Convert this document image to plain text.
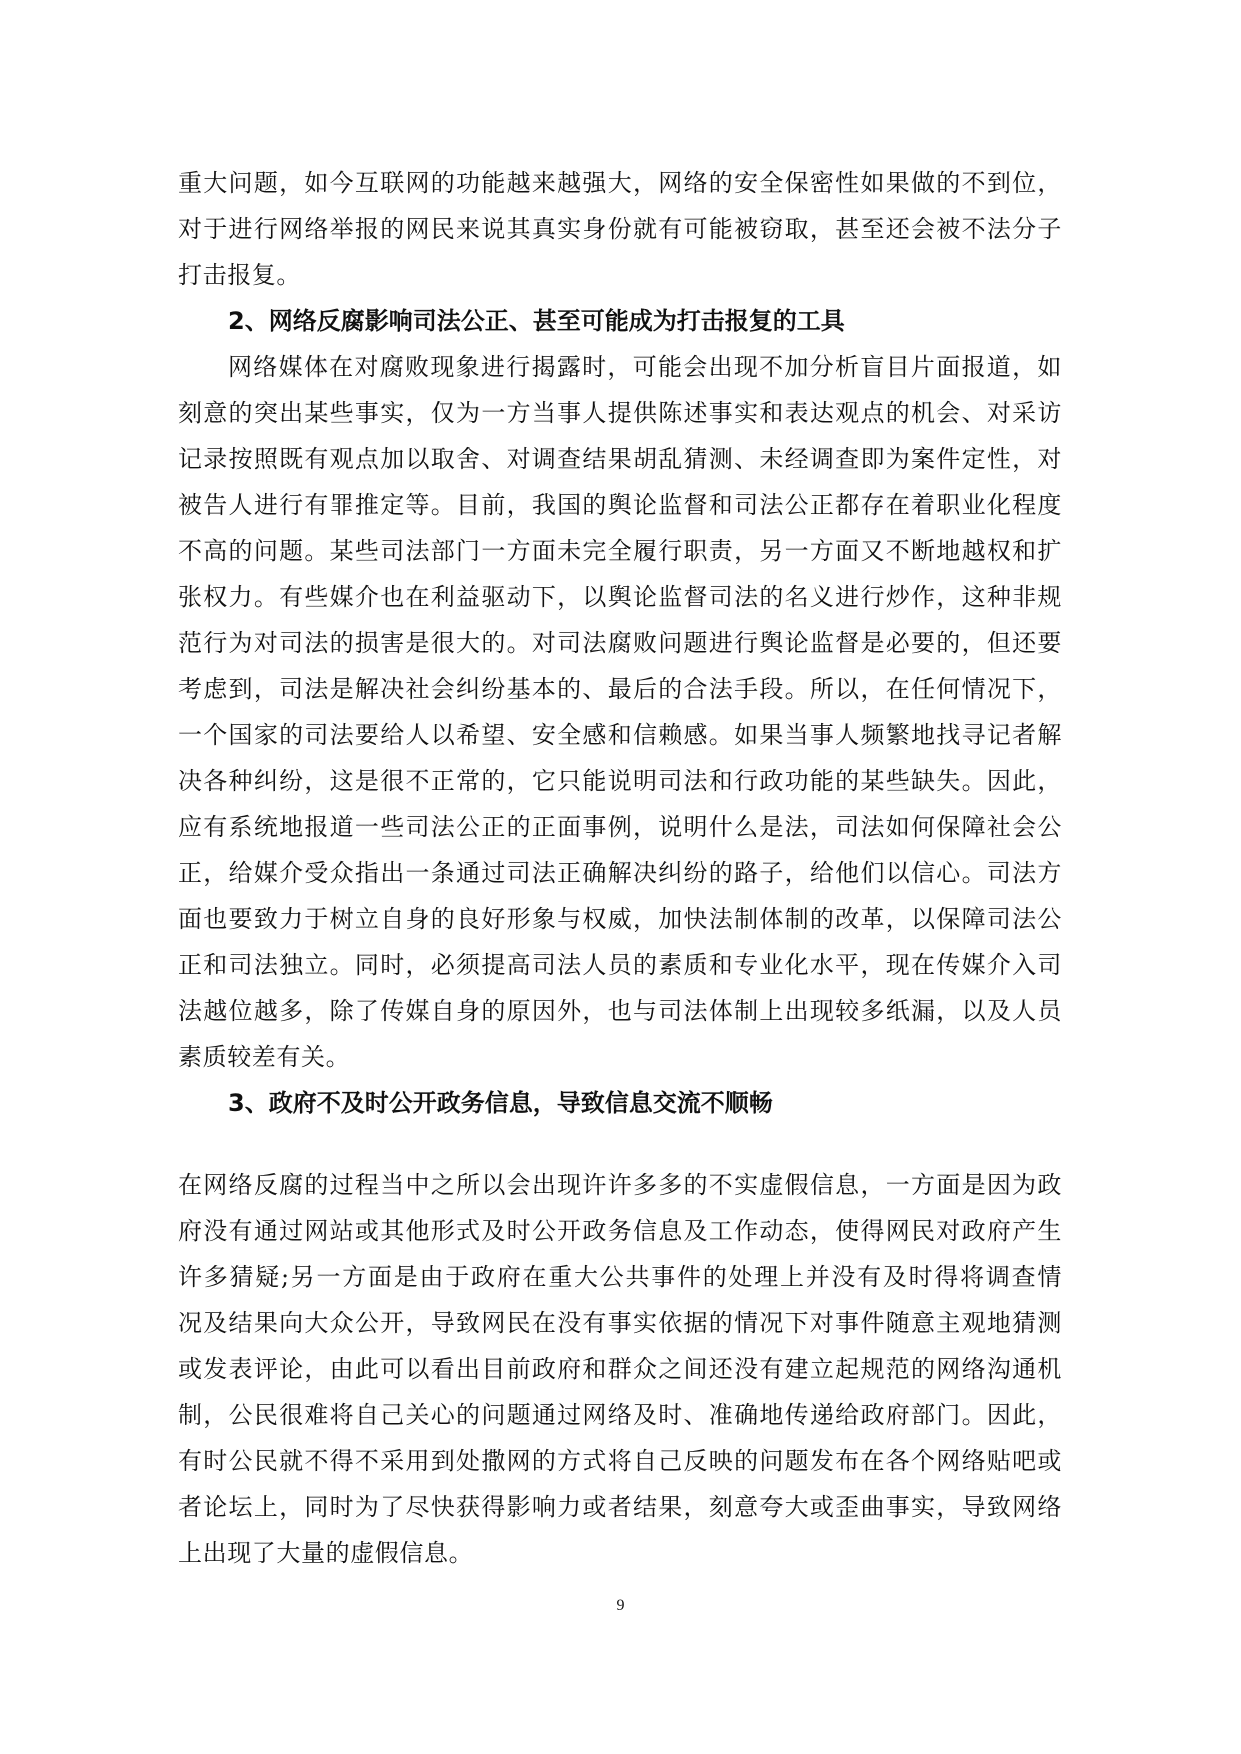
重大问题，如今互联网的功能越来越强大，网络的安全保密性如果做的不到位，
对于进行网络举报的网民来说其真实身份就有可能被窃取，甚至还会被不法分子
打击报复。
2、网络反腐影响司法公正、甚至可能成为打击报复的工具
网络媒体在对腐败现象进行揭露时，可能会出现不加分析盲目片面报道，如
刻意的突出某些事实，仅为一方当事人提供陈述事实和表达观点的机会、对采访
记录按照既有观点加以取舍、对调查结果胡乱猜测、未经调查即为案件定性，对
被告人进行有罪推定等。目前，我国的舆论监督和司法公正都存在着职业化程度
不高的问题。某些司法部门一方面未完全履行职责，另一方面又不断地越权和扩
张权力。有些媒介也在利益驱动下，以舆论监督司法的名义进行炒作，这种非规
范行为对司法的损害是很大的。对司法腐败问题进行舆论监督是必要的，但还要
考虑到，司法是解决社会纠纷基本的、最后的合法手段。所以，在任何情况下，
一个国家的司法要给人以希望、安全感和信赖感。如果当事人频繁地找寻记者解
决各种纠纷，这是很不正常的，它只能说明司法和行政功能的某些缺失。因此，
应有系统地报道一些司法公正的正面事例，说明什么是法，司法如何保障社会公
正，给媒介受众指出一条通过司法正确解决纠纷的路子，给他们以信心。司法方
面也要致力于树立自身的良好形象与权威，加快法制体制的改革，以保障司法公
正和司法独立。同时，必须提高司法人员的素质和专业化水平，现在传媒介入司
法越位越多，除了传媒自身的原因外，也与司法体制上出现较多纸漏，以及人员
素质较差有关。
3、政府不及时公开政务信息，导致信息交流不顺畅
在网络反腐的过程当中之所以会出现许许多多的不实虚假信息，一方面是因为政
府没有通过网站或其他形式及时公开政务信息及工作动态，使得网民对政府产生
许多猜疑;另一方面是由于政府在重大公共事件的处理上并没有及时得将调查情
况及结果向大众公开，导致网民在没有事实依据的情况下对事件随意主观地猜测
或发表评论，由此可以看出目前政府和群众之间还没有建立起规范的网络沟通机
制，公民很难将自己关心的问题通过网络及时、准确地传递给政府部门。因此，
有时公民就不得不采用到处撒网的方式将自己反映的问题发布在各个网络贴吧或
者论坛上，同时为了尽快获得影响力或者结果，刻意夸大或歪曲事实，导致网络
上出现了大量的虚假信息。
9
